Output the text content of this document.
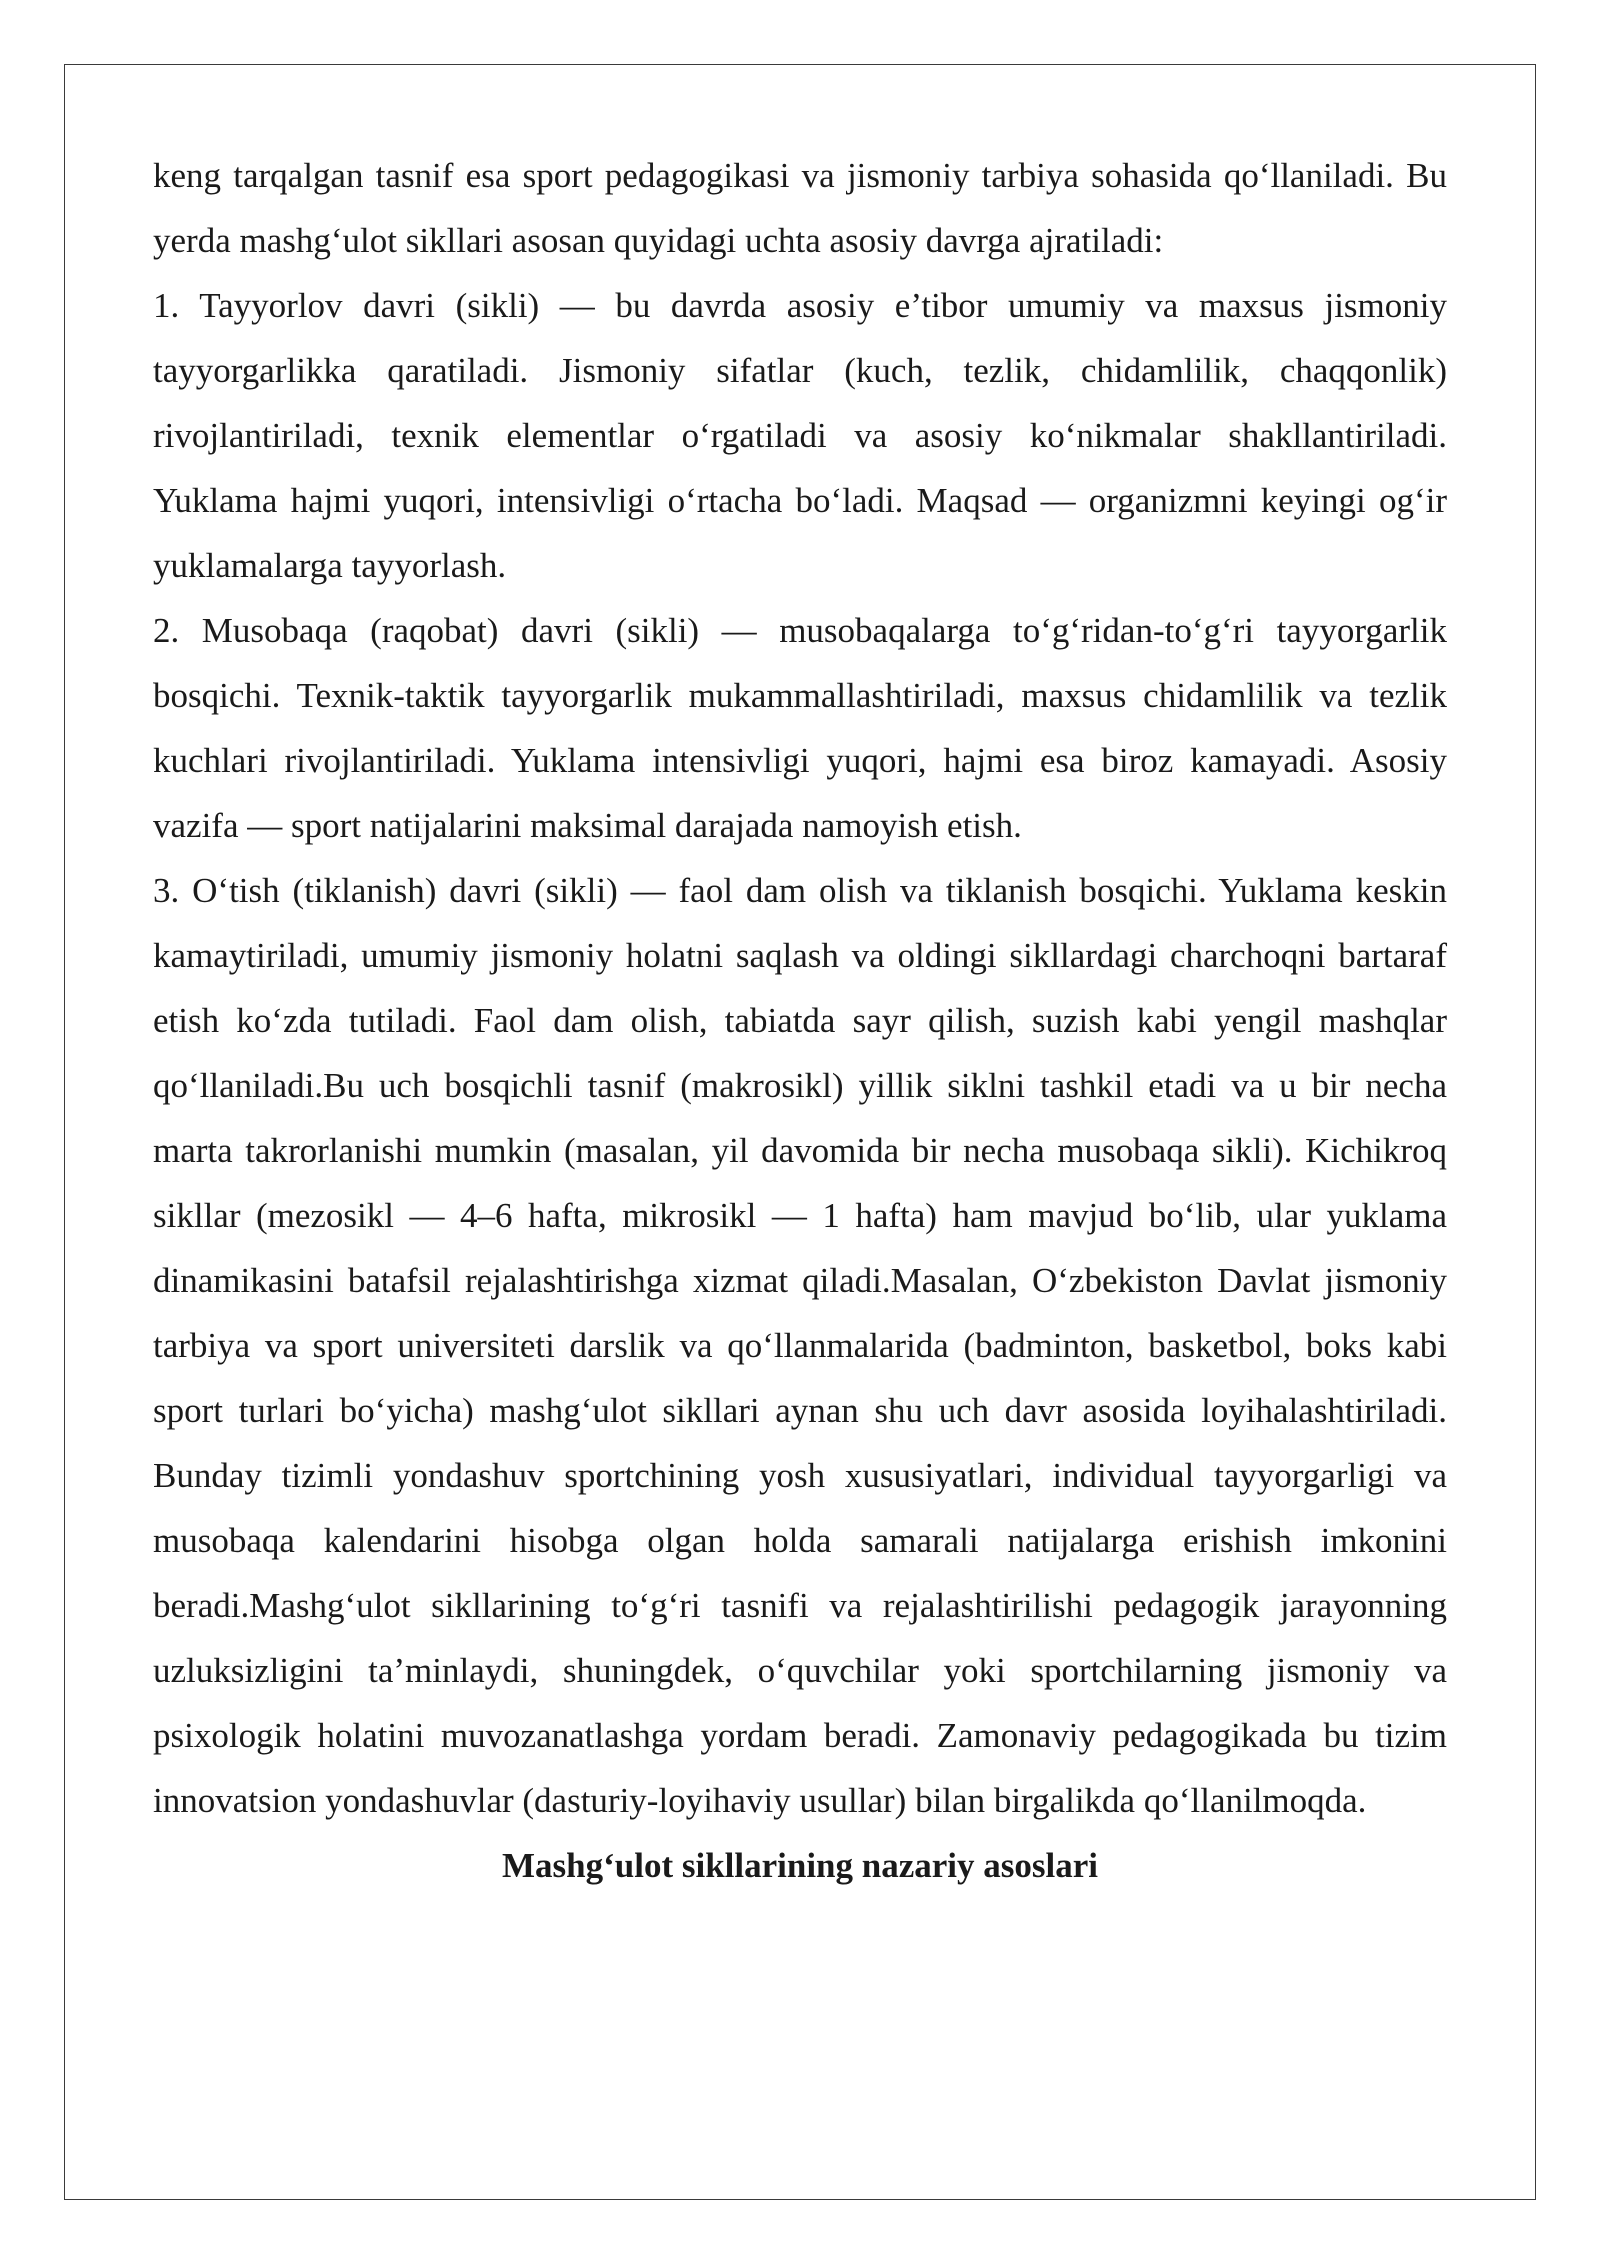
keng tarqalgan tasnif esa sport pedagogikasi va jismoniy tarbiya sohasida qo‘llaniladi. Bu yerda mashg‘ulot sikllari asosan quyidagi uchta asosiy davrga ajratiladi:

1. Tayyorlov davri (sikli) — bu davrda asosiy e’tibor umumiy va maxsus jismoniy tayyorgarlikka qaratiladi. Jismoniy sifatlar (kuch, tezlik, chidamlilik, chaqqonlik) rivojlantiriladi, texnik elementlar o‘rgatiladi va asosiy ko‘nikmalar shakllantiriladi. Yuklama hajmi yuqori, intensivligi o‘rtacha bo‘ladi. Maqsad — organizmni keyingi og‘ir yuklamalarga tayyorlash.

2. Musobaqa (raqobat) davri (sikli) — musobaqalarga to‘g‘ridan-to‘g‘ri tayyorgarlik bosqichi. Texnik-taktik tayyorgarlik mukammallashtiriladi, maxsus chidamlilik va tezlik kuchlari rivojlantiriladi. Yuklama intensivligi yuqori, hajmi esa biroz kamayadi. Asosiy vazifa — sport natijalarini maksimal darajada namoyish etish.

3. O‘tish (tiklanish) davri (sikli) — faol dam olish va tiklanish bosqichi. Yuklama keskin kamaytiriladi, umumiy jismoniy holatni saqlash va oldingi sikllardagi charchoqni bartaraf etish ko‘zda tutiladi. Faol dam olish, tabiatda sayr qilish, suzish kabi yengil mashqlar qo‘llaniladi.Bu uch bosqichli tasnif (makrosikl) yillik siklni tashkil etadi va u bir necha marta takrorlanishi mumkin (masalan, yil davomida bir necha musobaqa sikli). Kichikroq sikllar (mezosikl — 4–6 hafta, mikrosikl — 1 hafta) ham mavjud bo‘lib, ular yuklama dinamikasini batafsil rejalashtirishga xizmat qiladi.Masalan, O‘zbekiston Davlat jismoniy tarbiya va sport universiteti darslik va qo‘llanmalarida (badminton, basketbol, boks kabi sport turlari bo‘yicha) mashg‘ulot sikllari aynan shu uch davr asosida loyihalashtiriladi. Bunday tizimli yondashuv sportchining yosh xususiyatlari, individual tayyorgarligi va musobaqa kalendarini hisobga olgan holda samarali natijalarga erishish imkonini beradi.Mashg‘ulot sikllarining to‘g‘ri tasnifi va rejalashtirilishi pedagogik jarayonning uzluksizligini ta’minlaydi, shuningdek, o‘quvchilar yoki sportchilarning jismoniy va psixologik holatini muvozanatlashga yordam beradi. Zamonaviy pedagogikada bu tizim innovatsion yondashuvlar (dasturiy-loyihaviy usullar) bilan birgalikda qo‘llanilmoqda.

Mashg‘ulot sikllarining nazariy asoslari
